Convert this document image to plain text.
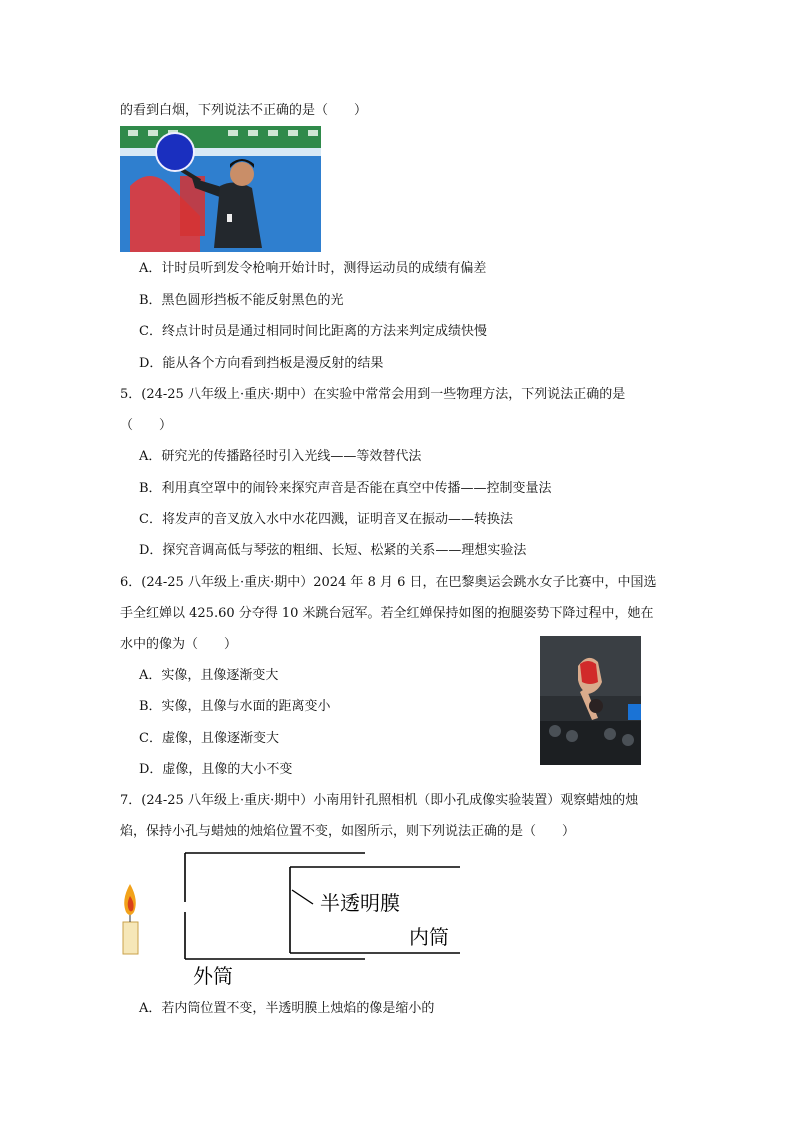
的看到白烟，下列说法不正确的是（　　）
A．计时员听到发令枪响开始计时，测得运动员的成绩有偏差
B．黑色圆形挡板不能反射黑色的光
C．终点计时员是通过相同时间比距离的方法来判定成绩快慢
D．能从各个方向看到挡板是漫反射的结果
5．(24-25 八年级上·重庆·期中）在实验中常常会用到一些物理方法，下列说法正确的是
（　　）
A．研究光的传播路径时引入光线——等效替代法
B．利用真空罩中的闹铃来探究声音是否能在真空中传播——控制变量法
C．将发声的音叉放入水中水花四溅，证明音叉在振动——转换法
D．探究音调高低与琴弦的粗细、长短、松紧的关系——理想实验法
6．(24-25 八年级上·重庆·期中）2024 年 8 月 6 日，在巴黎奥运会跳水女子比赛中，中国选
手全红婵以 425.60 分夺得 10 米跳台冠军。若全红婵保持如图的抱腿姿势下降过程中，她在
水中的像为（　　）
A．实像，且像逐渐变大
B．实像，且像与水面的距离变小
C．虚像，且像逐渐变大
D．虚像，且像的大小不变
7．(24-25 八年级上·重庆·期中）小南用针孔照相机（即小孔成像实验装置）观察蜡烛的烛
焰，保持小孔与蜡烛的烛焰位置不变，如图所示，则下列说法正确的是（　　）
半透明膜
内筒
外筒
A．若内筒位置不变，半透明膜上烛焰的像是缩小的
